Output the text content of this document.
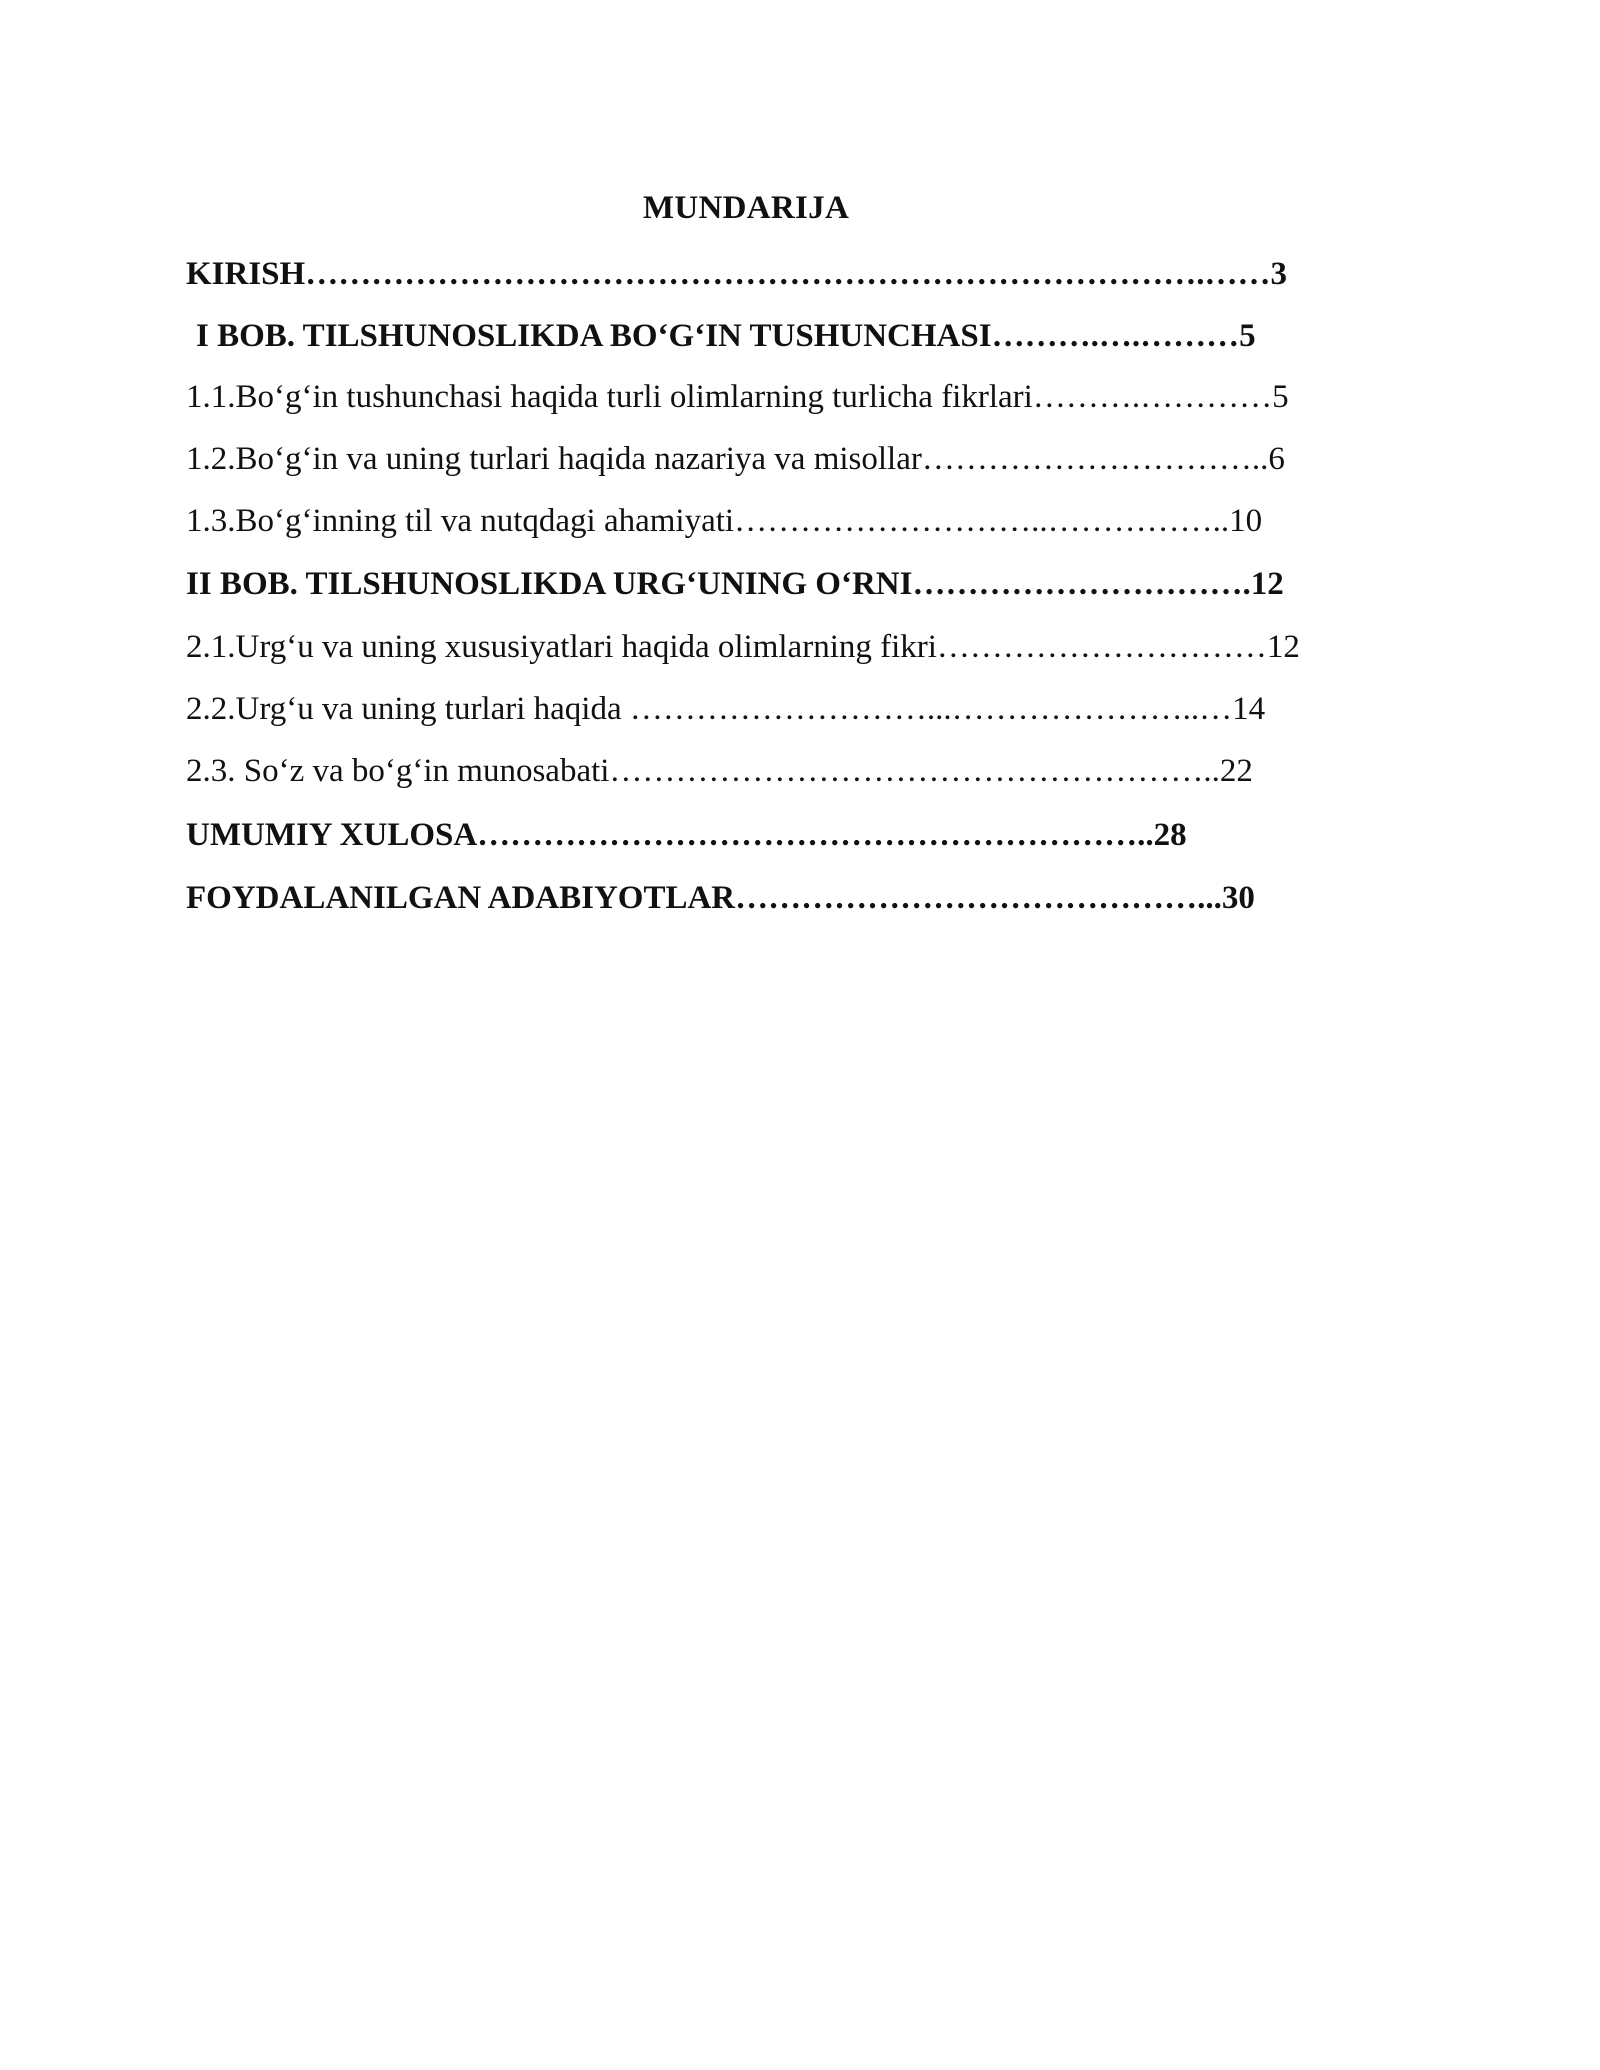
MUNDARIJA
KIRISH……………………………………………………………………….……3
I BOB. TILSHUNOSLIKDA BO‘G‘IN TUSHUNCHASI……….….………5
1.1.Bo‘g‘in tushunchasi haqida turli olimlarning turlicha fikrlari……….…………5
1.2.Bo‘g‘in va uning turlari haqida nazariya va misollar…………………………..6
1.3.Bo‘g‘inning til va nutqdagi ahamiyati………………………..……………..10
II BOB. TILSHUNOSLIKDA URG‘UNING O‘RNI………………………….12
2.1.Urg‘u va uning xususiyatlari haqida olimlarning fikri…………………………12
2.2.Urg‘u va uning turlari haqida ………………………...…………………..…14
2.3. So‘z va bo‘g‘in munosabati………………………………………………..22
UMUMIY XULOSA……………………………………………………..28
FOYDALANILGAN ADABIYOTLAR……………………………………...30
